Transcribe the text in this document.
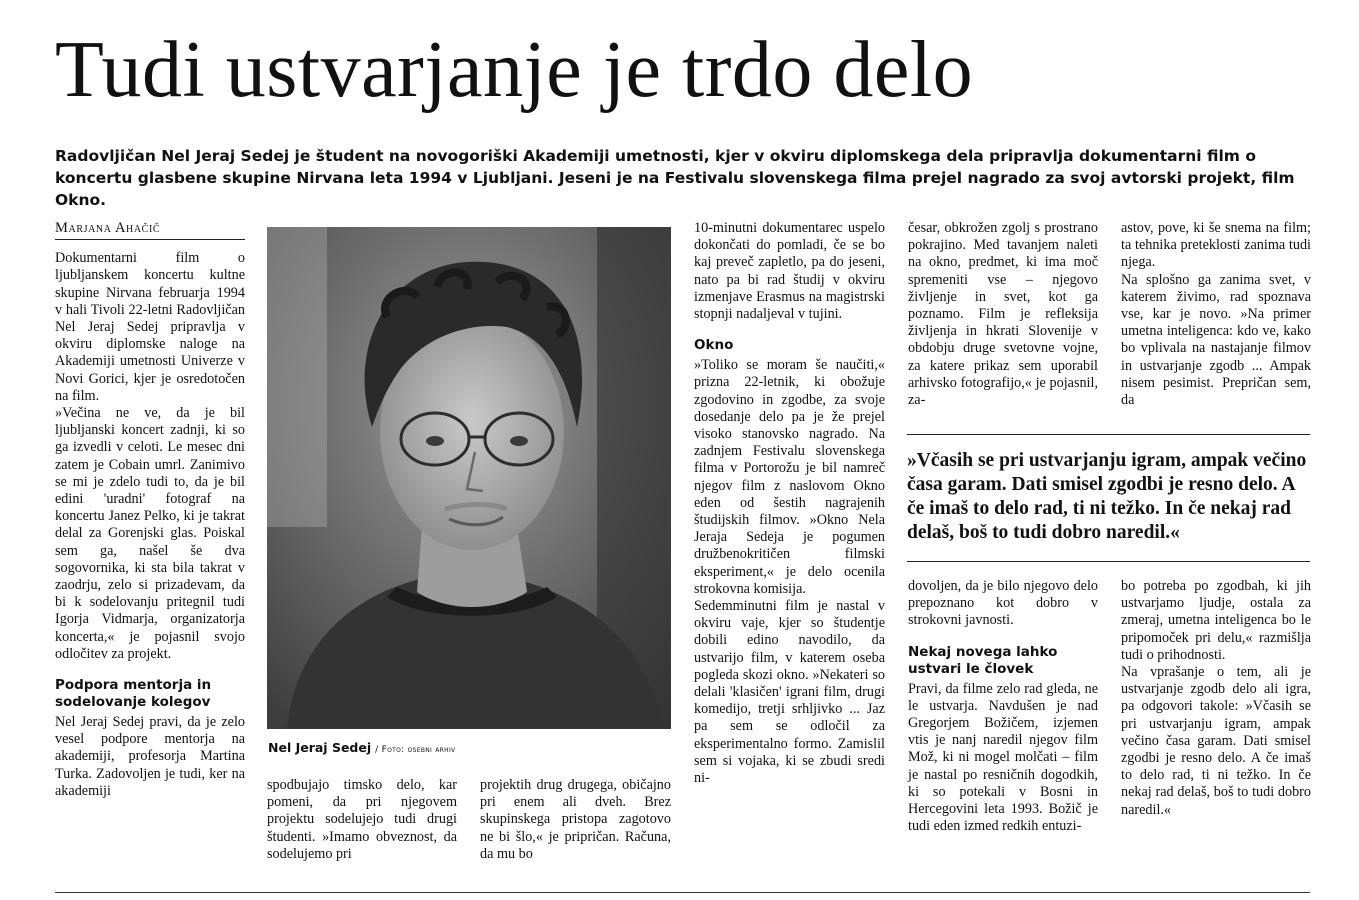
Tudi ustvarjanje je trdo delo

Radovljičan Nel Jeraj Sedej je študent na novogoriški Akademiji umetnosti, kjer v okviru diplomskega dela pripravlja dokumentarni film o koncertu glasbene skupine Nirvana leta 1994 v Ljubljani. Jeseni je na Festivalu slovenskega filma prejel nagrado za svoj avtorski projekt, film Okno.

Marjana Ahačič

Dokumentarni film o ljubljanskem koncertu kultne skupine Nirvana februarja 1994 v hali Tivoli 22-letni Radovljičan Nel Jeraj Sedej pripravlja v okviru diplomske naloge na Akademiji umetnosti Univerze v Novi Gorici, kjer je osredotočen na film.

»Večina ne ve, da je bil ljubljanski koncert zadnji, ki so ga izvedli v celoti. Le mesec dni zatem je Cobain umrl. Zanimivo se mi je zdelo tudi to, da je bil edini 'uradni' fotograf na koncertu Janez Pelko, ki je takrat delal za Gorenjski glas. Poiskal sem ga, našel še dva sogovornika, ki sta bila takrat v zaodrju, zelo si prizadevam, da bi k sodelovanju pritegnil tudi Igorja Vidmarja, organizatorja koncerta,« je pojasnil svojo odločitev za projekt.

Podpora mentorja in sodelovanje kolegov

Nel Jeraj Sedej pravi, da je zelo vesel podpore mentorja na akademiji, profesorja Martina Turka. Zadovoljen je tudi, ker na akademiji

Nel Jeraj Sedej / Foto: osebni arhiv

spodbujajo timsko delo, kar pomeni, da pri njegovem projektu sodelujejo tudi drugi študenti. »Imamo obveznost, da sodelujemo pri

projektih drug drugega, običajno pri enem ali dveh. Brez skupinskega pristopa zagotovo ne bi šlo,« je pripričan. Računa, da mu bo

10-minutni dokumentarec uspelo dokončati do pomladi, če se bo kaj preveč zapletlo, pa do jeseni, nato pa bi rad študij v okviru izmenjave Erasmus na magistrski stopnji nadaljeval v tujini.

Okno

»Toliko se moram še naučiti,« prizna 22-letnik, ki obožuje zgodovino in zgodbe, za svoje dosedanje delo pa je že prejel visoko stanovsko nagrado. Na zadnjem Festivalu slovenskega filma v Portorožu je bil namreč njegov film z naslovom Okno eden od šestih nagrajenih študijskih filmov. »Okno Nela Jeraja Sedeja je pogumen družbenokritičen filmski eksperiment,« je delo ocenila strokovna komisija.

Sedemminutni film je nastal v okviru vaje, kjer so študentje dobili edino navodilo, da ustvarijo film, v katerem oseba pogleda skozi okno. »Nekateri so delali 'klasičen' igrani film, drugi komedijo, tretji srhljivko ... Jaz pa sem se odločil za eksperimentalno formo. Zamislil sem si vojaka, ki se zbudi sredi ni-

česar, obkrožen zgolj s prostrano pokrajino. Med tavanjem naleti na okno, predmet, ki ima moč spremeniti vse – njegovo življenje in svet, kot ga poznamo. Film je refleksija življenja in hkrati Slovenije v obdobju druge svetovne vojne, za katere prikaz sem uporabil arhivsko fotografijo,« je pojasnil, za-

astov, pove, ki še snema na film; ta tehnika preteklosti zanima tudi njega.

Na splošno ga zanima svet, v katerem živimo, rad spoznava vse, kar je novo. »Na primer umetna inteligenca: kdo ve, kako bo vplivala na nastajanje filmov in ustvarjanje zgodb ... Ampak nisem pesimist. Prepričan sem, da

»Včasih se pri ustvarjanju igram, ampak večino časa garam. Dati smisel zgodbi je resno delo. A če imaš to delo rad, ti ni težko. In če nekaj rad delaš, boš to tudi dobro naredil.«

dovoljen, da je bilo njegovo delo prepoznano kot dobro v strokovni javnosti.

Nekaj novega lahko ustvari le človek

Pravi, da filme zelo rad gleda, ne le ustvarja. Navdušen je nad Gregorjem Božičem, izjemen vtis je nanj naredil njegov film Mož, ki ni mogel molčati – film je nastal po resničnih dogodkih, ki so potekali v Bosni in Hercegovini leta 1993. Božič je tudi eden izmed redkih entuzi-

bo potreba po zgodbah, ki jih ustvarjamo ljudje, ostala za zmeraj, umetna inteligenca bo le pripomoček pri delu,« razmišlja tudi o prihodnosti.

Na vprašanje o tem, ali je ustvarjanje zgodb delo ali igra, pa odgovori takole: »Včasih se pri ustvarjanju igram, ampak večino časa garam. Dati smisel zgodbi je resno delo. A če imaš to delo rad, ti ni težko. In če nekaj rad delaš, boš to tudi dobro naredil.«
